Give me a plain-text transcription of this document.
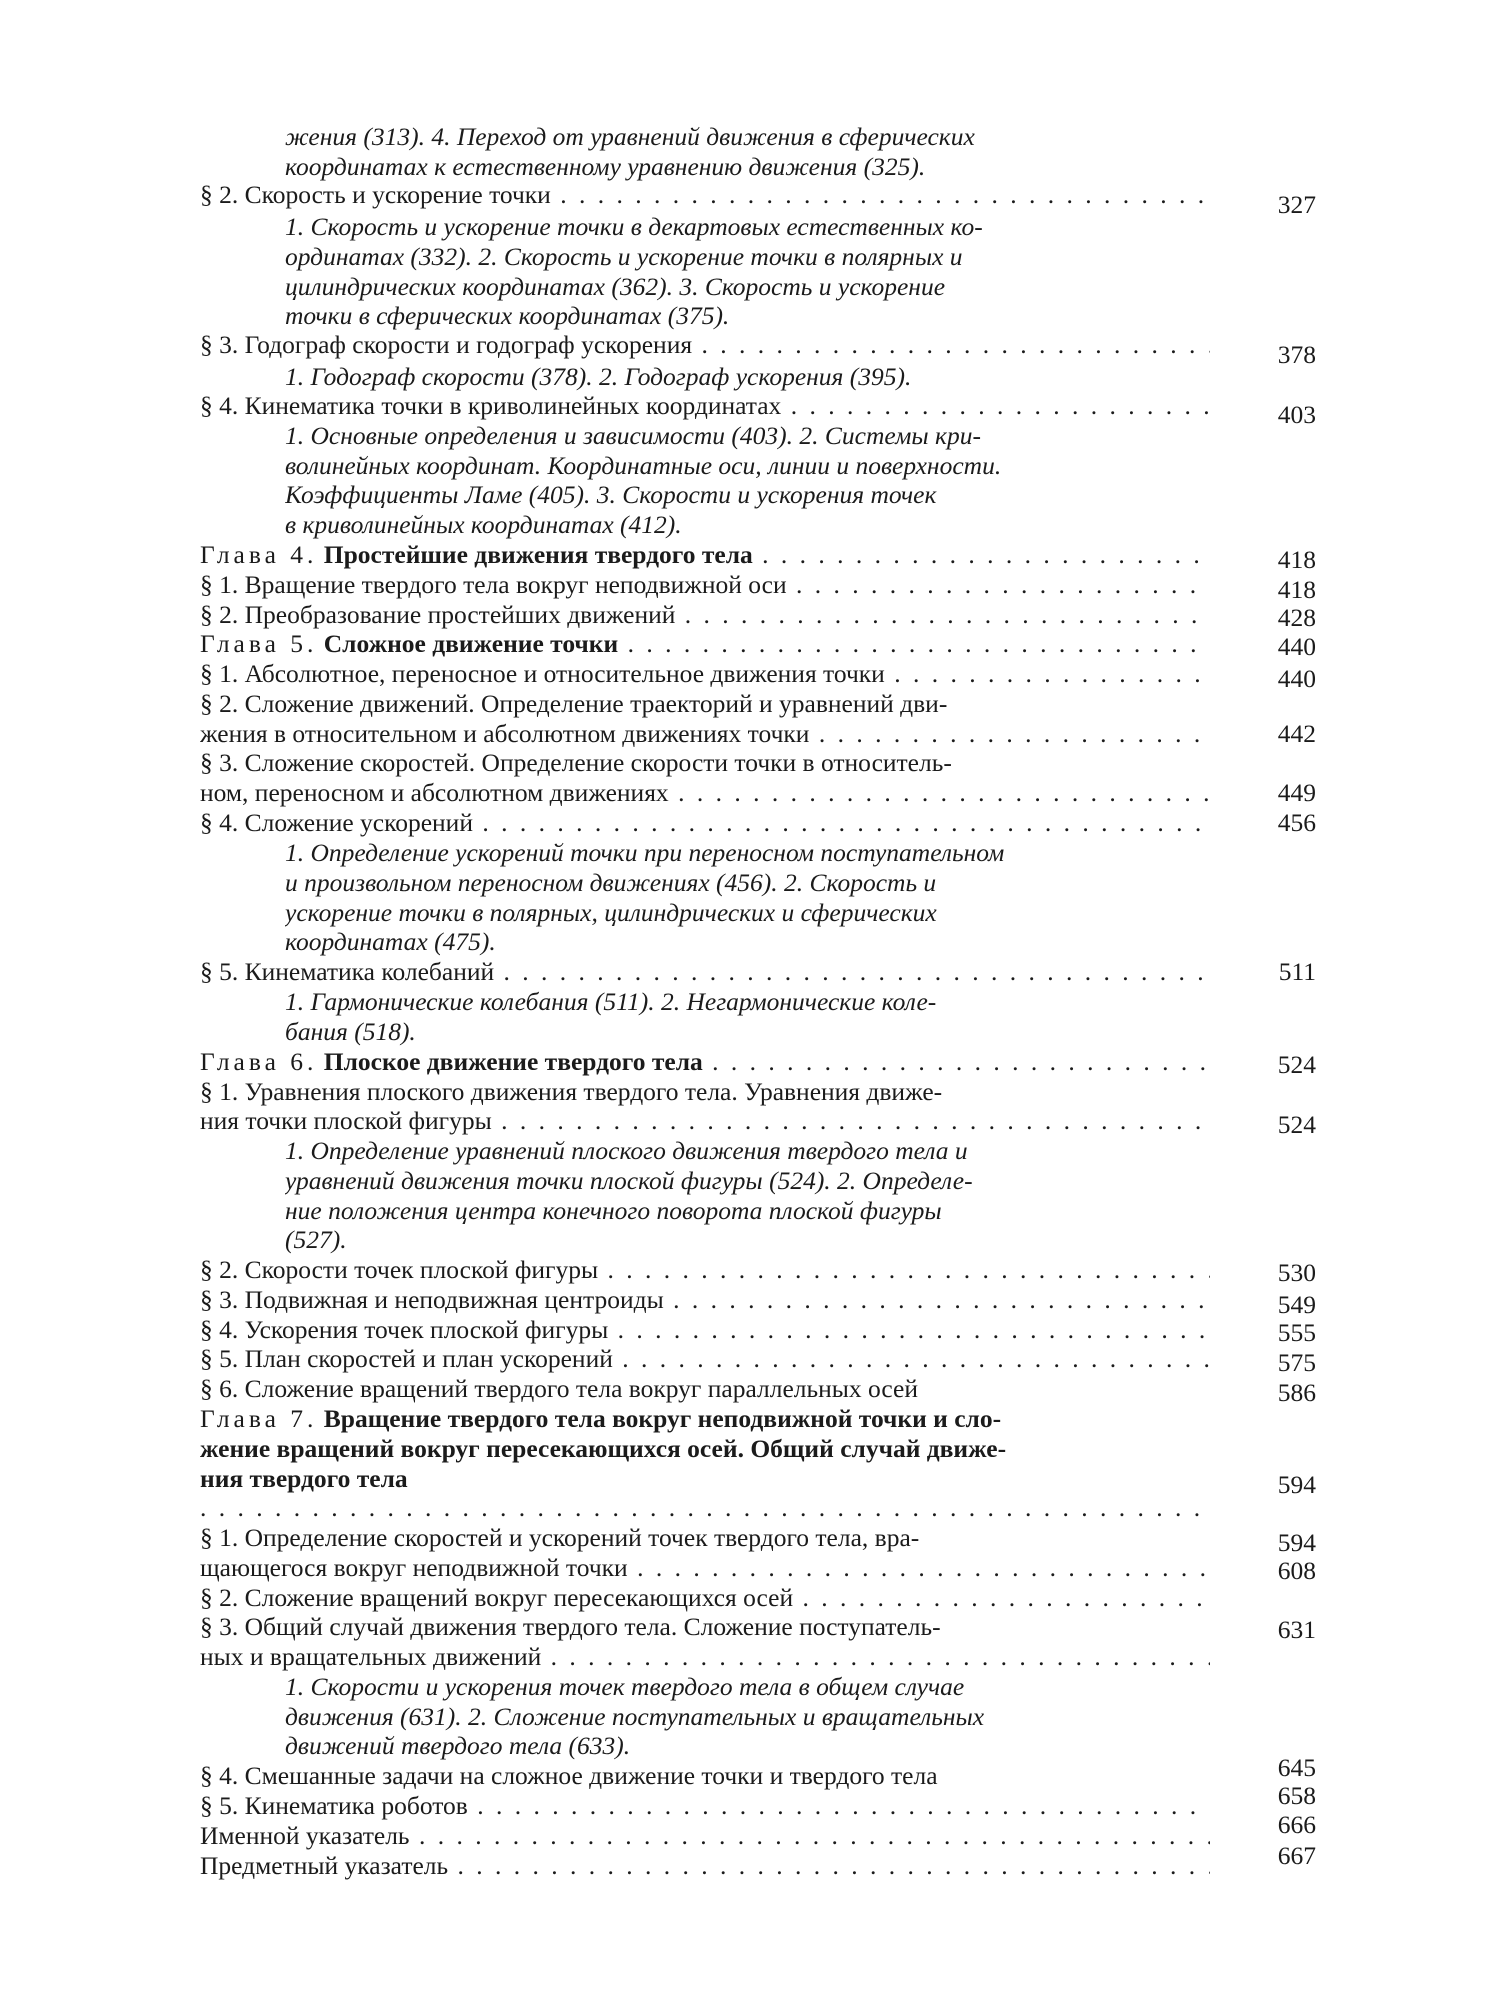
жения (313). 4. Переход от уравнений движения в сферических
координатах к естественному уравнению движения (325).
§ 2. Скорость и ускорение точки . . .
1. Скорость и ускорение точки в декартовых естественных ко-
ординатах (332). 2. Скорость и ускорение точки в полярных и
цилиндрических координатах (362). 3. Скорость и ускорение
точки в сферических координатах (375).
§ 3. Годограф скорости и годограф ускорения . . .
1. Годограф скорости (378). 2. Годограф ускорения (395).
§ 4. Кинематика точки в криволинейных координатах . . .
1. Основные определения и зависимости (403). 2. Системы кри-
волинейных координат. Координатные оси, линии и поверхности.
Коэффициенты Ламе (405). 3. Скорости и ускорения точек
в криволинейных координатах (412).
Глава 4. Простейшие движения твердого тела . . .
§ 1. Вращение твердого тела вокруг неподвижной оси . . .
§ 2. Преобразование простейших движений . . .
Глава 5. Сложное движение точки . . .
§ 1. Абсолютное, переносное и относительное движения точки . . .
§ 2. Сложение движений. Определение траекторий и уравнений дви-
жения в относительном и абсолютном движениях точки . . .
§ 3. Сложение скоростей. Определение скорости точки в относитель-
ном, переносном и абсолютном движениях . . .
§ 4. Сложение ускорений . . .
1. Определение ускорений точки при переносном поступательном
и произвольном переносном движениях (456). 2. Скорость и
ускорение точки в полярных, цилиндрических и сферических
координатах (475).
§ 5. Кинематика колебаний . . .
1. Гармонические колебания (511). 2. Негармонические коле-
бания (518).
Глава 6. Плоское движение твердого тела . . .
§ 1. Уравнения плоского движения твердого тела. Уравнения движе-
ния точки плоской фигуры . . .
1. Определение уравнений плоского движения твердого тела и
уравнений движения точки плоской фигуры (524). 2. Определе-
ние положения центра конечного поворота плоской фигуры
(527).
§ 2. Скорости точек плоской фигуры . . .
§ 3. Подвижная и неподвижная центроиды . . .
§ 4. Ускорения точек плоской фигуры . . .
§ 5. План скоростей и план ускорений . . .
§ 6. Сложение вращений твердого тела вокруг параллельных осей
Глава 7. Вращение твердого тела вокруг неподвижной точки и сло-
жение вращений вокруг пересекающихся осей. Общий случай движе-
ния твердого тела
. . .
§ 1. Определение скоростей и ускорений точек твердого тела, вра-
щающегося вокруг неподвижной точки . . .
§ 2. Сложение вращений вокруг пересекающихся осей . . .
§ 3. Общий случай движения твердого тела. Сложение поступатель-
ных и вращательных движений . . .
1. Скорости и ускорения точек твердого тела в общем случае
движения (631). 2. Сложение поступательных и вращательных
движений твердого тела (633).
§ 4. Смешанные задачи на сложное движение точки и твердого тела
§ 5. Кинематика роботов . . .
Именной указатель . . .
Предметный указатель . . .
327
378
403
418
418
428
440
440
442
449
456
511
524
524
530
549
555
575
586
594
594
608
631
645
658
666
667
